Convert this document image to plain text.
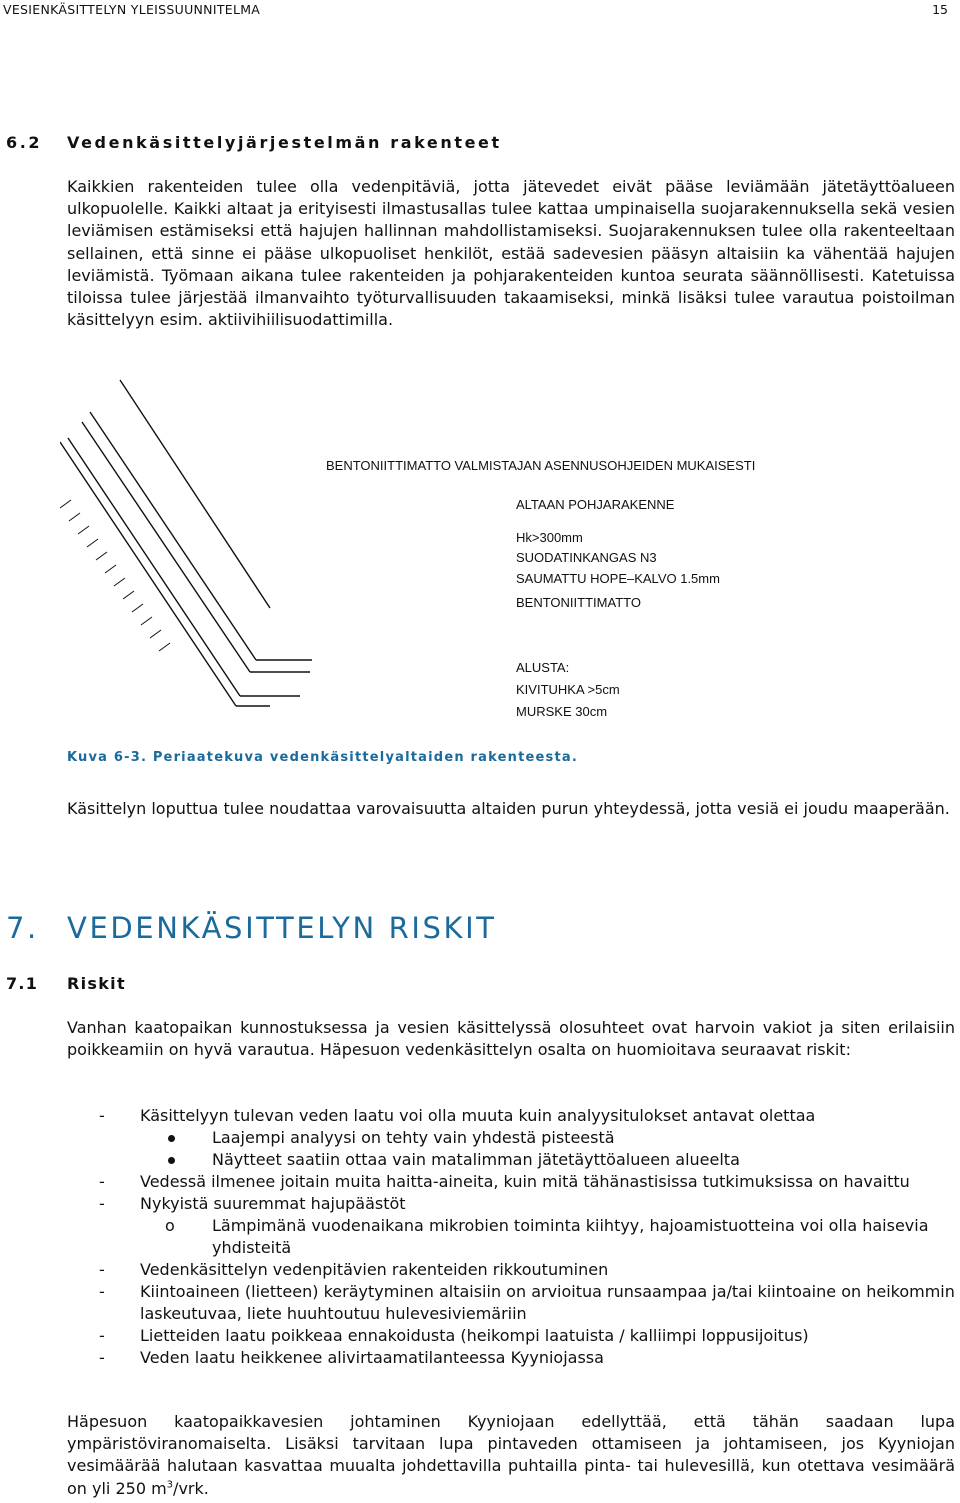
VESIENKÄSITTELYN YLEISSUUNNITELMA	15
6.2 Vedenkäsittelyjärjestelmän rakenteet

Kaikkien rakenteiden tulee olla vedenpitäviä, jotta jätevedet eivät pääse leviämään jätetäyttöalueen ulkopuolelle. Kaikki altaat ja erityisesti ilmastusallas tulee kattaa umpinaisella suojarakennuksella sekä vesien leviämisen estämiseksi että hajujen hallinnan mahdollistamiseksi. Suojarakennuksen tulee olla rakenteeltaan sellainen, että sinne ei pääse ulkopuoliset henkilöt, estää sadevesien pääsyn altaisiin ka vähentää hajujen leviämistä. Työmaan aikana tulee rakenteiden ja pohjarakenteiden kuntoa seurata säännöllisesti. Katetuissa tiloissa tulee järjestää ilmanvaihto työturvallisuuden takaamiseksi, minkä lisäksi tulee varautua poistoilman käsittelyyn esim. aktiivihiilisuodattimilla.

BENTONIITTIMATTO VALMISTAJAN ASENNUSOHJEIDEN MUKAISESTI
ALTAAN POHJARAKENNE
Hk>300mm
SUODATINKANGAS N3
SAUMATTU HOPE–KALVO 1.5mm
BENTONIITTIMATTO
ALUSTA:
KIVITUHKA >5cm
MURSKE 30cm
Kuva 6-3. Periaatekuva vedenkäsittelyaltaiden rakenteesta.

Käsittelyn loputtua tulee noudattaa varovaisuutta altaiden purun yhteydessä, jotta vesiä ei joudu maaperään.

7. VEDENKÄSITTELYN RISKIT
7.1 Riskit

Vanhan kaatopaikan kunnostuksessa ja vesien käsittelyssä olosuhteet ovat harvoin vakiot ja siten erilaisiin poikkeamiin on hyvä varautua. Häpesuon vedenkäsittelyn osalta on huomioitava seuraavat riskit:

- Käsittelyyn tulevan veden laatu voi olla muuta kuin analyysitulokset antavat olettaa
Laajempi analyysi on tehty vain yhdestä pisteestä
Näytteet saatiin ottaa vain matalimman jätetäyttöalueen alueelta
- Vedessä ilmenee joitain muita haitta-aineita, kuin mitä tähänastisissa tutkimuksissa on havaittu
- Nykyistä suuremmat hajupäästöt
o Lämpimänä vuodenaikana mikrobien toiminta kiihtyy, hajoamistuotteina voi olla haisevia yhdisteitä
- Vedenkäsittelyn vedenpitävien rakenteiden rikkoutuminen
- Kiintoaineen (lietteen) keräytyminen altaisiin on arvioitua runsaampaa ja/tai kiintoaine on heikommin laskeutuvaa, liete huuhtoutuu hulevesiviemäriin
- Lietteiden laatu poikkeaa ennakoidusta (heikompi laatuista / kalliimpi loppusijoitus)
- Veden laatu heikkenee alivirtaamatilanteessa Kyyniojassa

Häpesuon kaatopaikkavesien johtaminen Kyyniojaan edellyttää, että tähän saadaan lupa ympäristöviranomaiselta. Lisäksi tarvitaan lupa pintaveden ottamiseen ja johtamiseen, jos Kyyniojan vesimäärää halutaan kasvattaa muualta johdettavilla puhtailla pinta- tai hulevesillä, kun otettava vesimäärä on yli 250 $m^3$/vrk.
